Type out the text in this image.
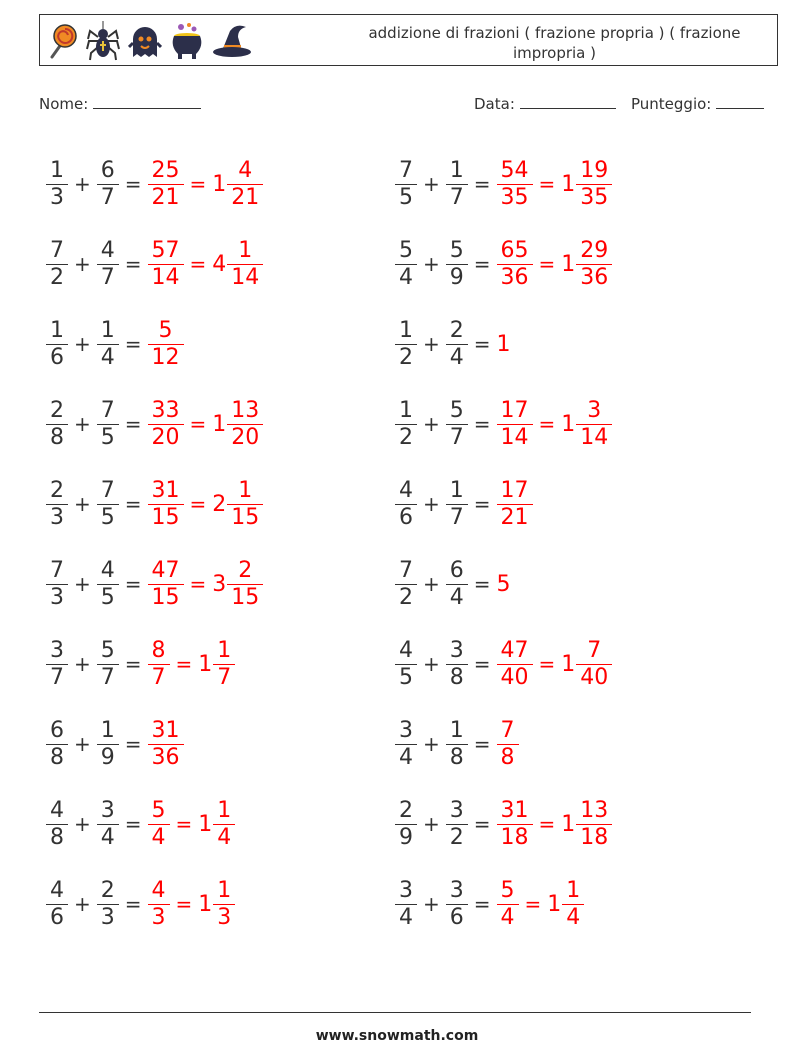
addizione di frazioni ( frazione propria ) ( frazione impropria )
Nome:	Data:	Punteggio:
$\frac{1}{3} + \frac{6}{7} = \frac{25}{21} = 1 \frac{4}{21}$
$\frac{7}{2} + \frac{4}{7} = \frac{57}{14} = 4 \frac{1}{14}$
$\frac{1}{6} + \frac{1}{4} = \frac{5}{12}$
$\frac{2}{8} + \frac{7}{5} = \frac{33}{20} = 1 \frac{13}{20}$
$\frac{2}{3} + \frac{7}{5} = \frac{31}{15} = 2 \frac{1}{15}$
$\frac{7}{3} + \frac{4}{5} = \frac{47}{15} = 3 \frac{2}{15}$
$\frac{3}{7} + \frac{5}{7} = \frac{8}{7} = 1 \frac{1}{7}$
$\frac{6}{8} + \frac{1}{9} = \frac{31}{36}$
$\frac{4}{8} + \frac{3}{4} = \frac{5}{4} = 1 \frac{1}{4}$
$\frac{4}{6} + \frac{2}{3} = \frac{4}{3} = 1 \frac{1}{3}$
$\frac{7}{5} + \frac{1}{7} = \frac{54}{35} = 1 \frac{19}{35}$
$\frac{5}{4} + \frac{5}{9} = \frac{65}{36} = 1 \frac{29}{36}$
$\frac{1}{2} + \frac{2}{4} = 1$
$\frac{1}{2} + \frac{5}{7} = \frac{17}{14} = 1 \frac{3}{14}$
$\frac{4}{6} + \frac{1}{7} = \frac{17}{21}$
$\frac{7}{2} + \frac{6}{4} = 5$
$\frac{4}{5} + \frac{3}{8} = \frac{47}{40} = 1 \frac{7}{40}$
$\frac{3}{4} + \frac{1}{8} = \frac{7}{8}$
$\frac{2}{9} + \frac{3}{2} = \frac{31}{18} = 1 \frac{13}{18}$
$\frac{3}{4} + \frac{3}{6} = \frac{5}{4} = 1 \frac{1}{4}$
www.snowmath.com
